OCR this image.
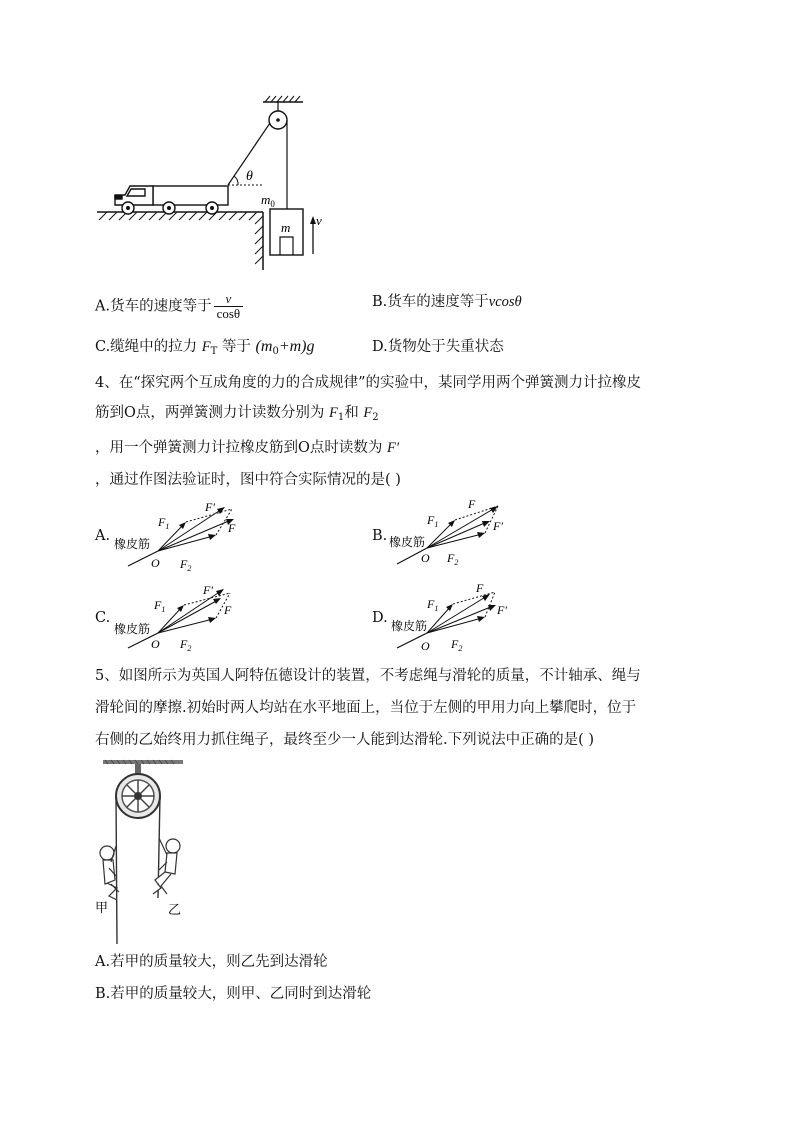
θ
$m_0$
m v
A.货车的速度等于 $\frac{v}{\cos\theta}$	B.货车的速度等于vcosθ
C.缆绳中的拉力 $F_T$ 等于 $(m_0+m)g$	D.货物处于失重状态
4、在“探究两个互成角度的力的合成规律”的实验中，某同学用两个弹簧测力计拉橡皮
筋到O点，两弹簧测力计读数分别为 $F_1$和 $F_2$
，用一个弹簧测力计拉橡皮筋到O点时读数为 F′
，通过作图法验证时，图中符合实际情况的是( )
A.	B.
C.	D.
橡皮筋
O
$F_1$
$F_2$
F
F′
橡皮筋
O
$F_1$
$F_2$
F
F′
橡皮筋
O
$F_1$
$F_2$
F
F′
橡皮筋
O
$F_1$
$F_2$
F
F′
5、如图所示为英国人阿特伍德设计的装置，不考虑绳与滑轮的质量，不计轴承、绳与
滑轮间的摩擦.初始时两人均站在水平地面上，当位于左侧的甲用力向上攀爬时，位于
右侧的乙始终用力抓住绳子，最终至少一人能到达滑轮.下列说法中正确的是( )
甲	乙
A.若甲的质量较大，则乙先到达滑轮
B.若甲的质量较大，则甲、乙同时到达滑轮
